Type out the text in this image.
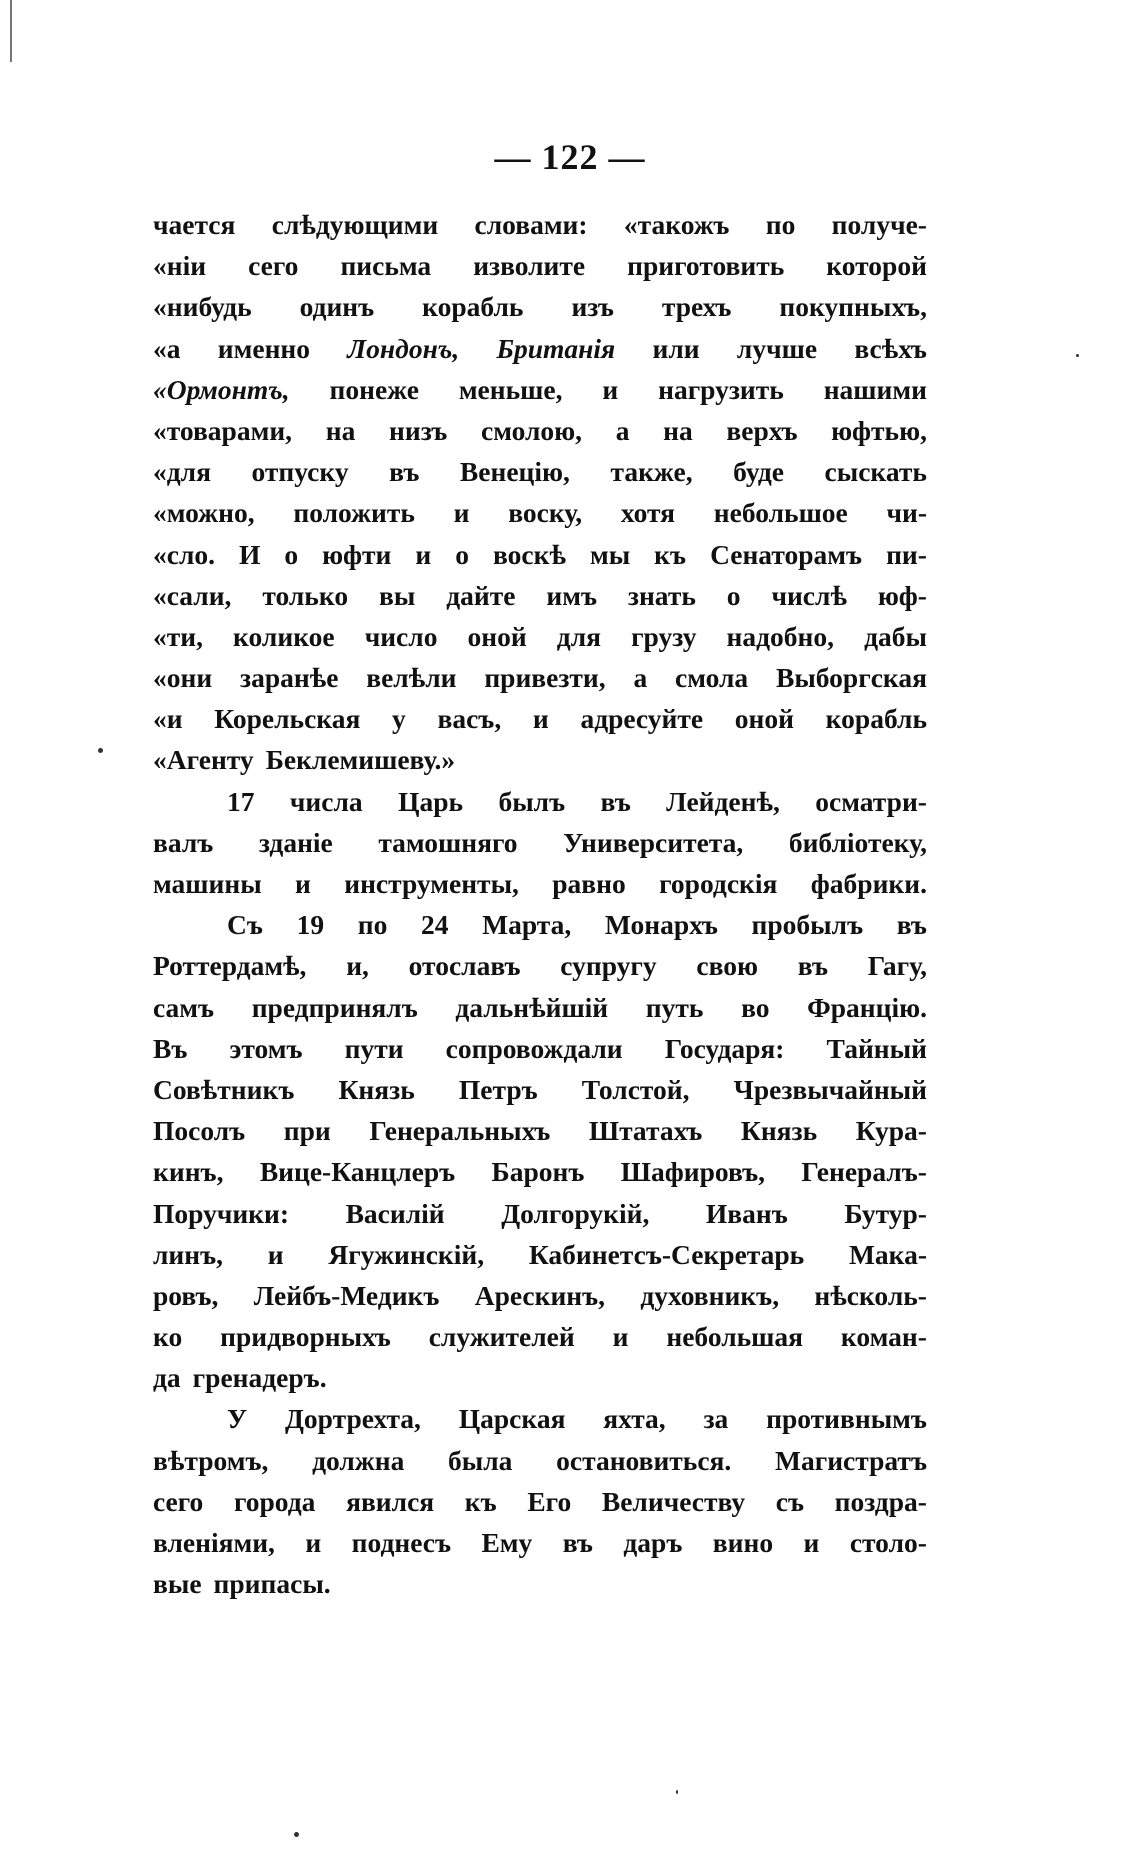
— 122 —
чается слѣдующими словами: «такожъ по получе-
«ніи сего письма изволите приготовить которой
«нибудь одинъ корабль изъ трехъ покупныхъ,
«а именно Лондонъ, Британія или лучше всѣхъ
«Ормонтъ, понеже меньше, и нагрузить нашими
«товарами, на низъ смолою, а на верхъ юфтью,
«для отпуску въ Венецію, также, буде сыскать
«можно, положить и воску, хотя небольшое чи-
«сло. И о юфти и о воскѣ мы къ Сенаторамъ пи-
«сали, только вы дайте имъ знать о числѣ юф-
«ти, коликое число оной для грузу надобно, дабы
«они заранѣе велѣли привезти, а смола Выборгская
«и Корельская у васъ, и адресуйте оной корабль
«Агенту Беклемишеву.»
17 числа Царь былъ въ Лейденѣ, осматри-
валъ зданіе тамошняго Университета, библіотеку,
машины и инструменты, равно городскія фабрики.
Съ 19 по 24 Марта, Монархъ пробылъ въ
Роттердамѣ, и, отославъ супругу свою въ Гагу,
самъ предпринялъ дальнѣйшій путь во Францію.
Въ этомъ пути сопровождали Государя: Тайный
Совѣтникъ Князь Петръ Толстой, Чрезвычайный
Посолъ при Генеральныхъ Штатахъ Князь Кура-
кинъ, Вице-Канцлеръ Баронъ Шафировъ, Генералъ-
Поручики: Василій Долгорукій, Иванъ Бутур-
линъ, и Ягужинскій, Кабинетсъ-Секретарь Мака-
ровъ, Лейбъ-Медикъ Арескинъ, духовникъ, нѣсколь-
ко придворныхъ служителей и небольшая коман-
да гренадеръ.
У Дортрехта, Царская яхта, за противнымъ
вѣтромъ, должна была остановиться. Магистратъ
сего города явился къ Его Величеству съ поздра-
вленіями, и поднесъ Ему въ даръ вино и столо-
вые припасы.
